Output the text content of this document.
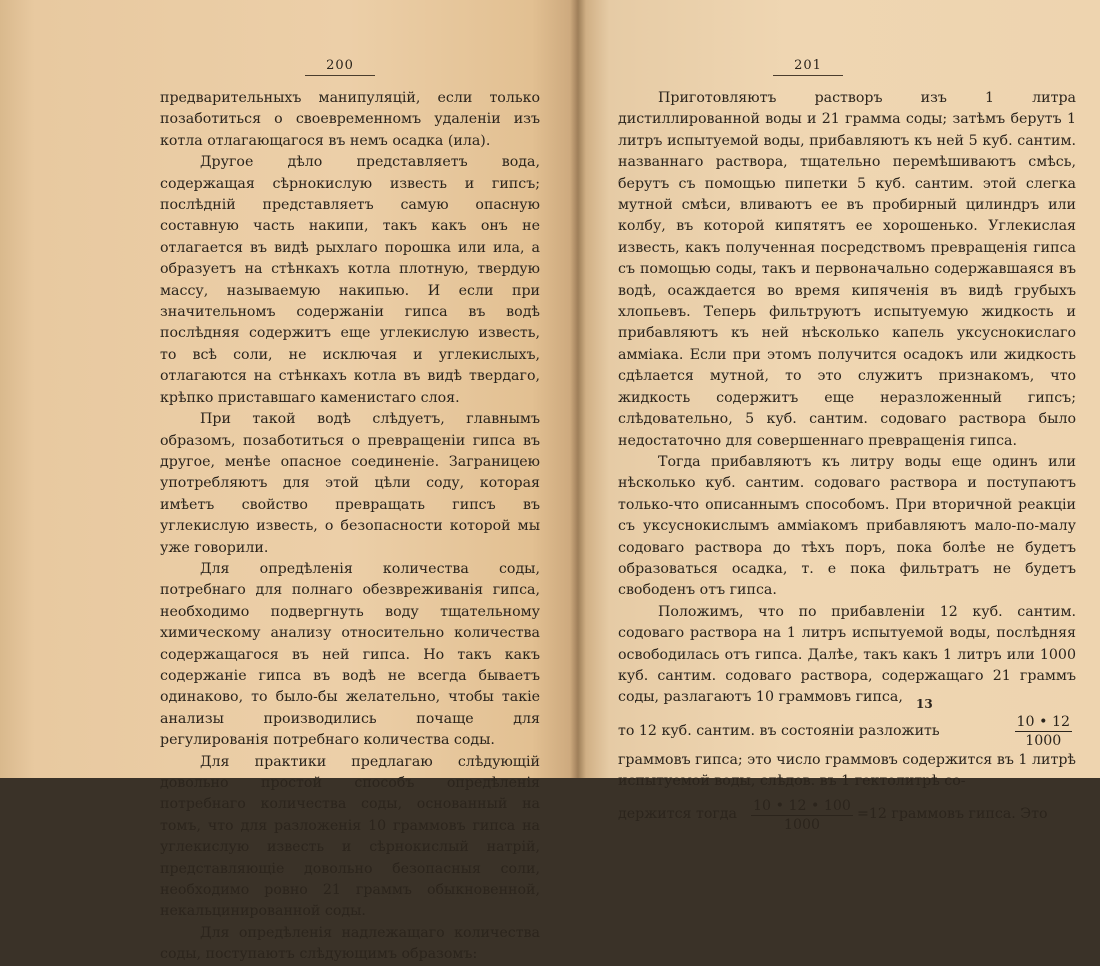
200

предварительныхъ манипуляцій, если только позаботиться о своевременномъ удаленіи изъ котла отлагающагося въ немъ осадка (ила).

Другое дѣло представляетъ вода, содержащая сѣрнокислую известь и гипсъ; послѣдній представляетъ самую опасную составную часть накипи, такъ какъ онъ не отлагается въ видѣ рыхлаго порошка или ила, а образуетъ на стѣнкахъ котла плотную, твердую массу, называемую накипью. И если при значительномъ содержаніи гипса въ водѣ послѣдняя содержитъ еще углекислую известь, то всѣ соли, не исключая и углекислыхъ, отлагаются на стѣнкахъ котла въ видѣ твердаго, крѣпко приставшаго каменистаго слоя.

При такой водѣ слѣдуетъ, главнымъ образомъ, позаботиться о превращеніи гипса въ другое, менѣе опасное соединеніе. Заграницею употребляютъ для этой цѣли соду, которая имѣетъ свойство превращать гипсъ въ углекислую известь, о безопасности которой мы уже говорили.

Для опредѣленія количества соды, потребнаго для полнаго обезвреживанія гипса, необходимо подвергнуть воду тщательному химическому анализу относительно количества содержащагося въ ней гипса. Но такъ какъ содержаніе гипса въ водѣ не всегда бываетъ одинаково, то было-бы желательно, чтобы такіе анализы производились почаще для регулированія потребнаго количества соды.

Для практики предлагаю слѣдующій довольно простой способъ опредѣленія потребнаго количества соды, основанный на томъ, что для разложенія 10 граммовъ гипса на углекислую известь и сѣрнокислый натрій, представляющіе довольно безопасныя соли, необходимо ровно 21 граммъ обыкновенной, некальцинированной соды.

Для опредѣленія надлежащаго количества соды, поступаютъ слѣдующимъ образомъ:

201

Приготовляютъ растворъ изъ 1 литра дистиллированной воды и 21 грамма соды; затѣмъ берутъ 1 литръ испытуемой воды, прибавляютъ къ ней 5 куб. сантим. названнаго раствора, тщательно перемѣшиваютъ смѣсь, берутъ съ помощью пипетки 5 куб. сантим. этой слегка мутной смѣси, вливаютъ ее въ пробирный цилиндръ или колбу, въ которой кипятятъ ее хорошенько. Углекислая известь, какъ полученная посредствомъ превращенія гипса съ помощью соды, такъ и первоначально содержавшаяся въ водѣ, осаждается во время кипяченія въ видѣ грубыхъ хлопьевъ. Теперь фильтруютъ испытуемую жидкость и прибавляютъ къ ней нѣсколько капель уксуснокислаго аммiака. Если при этомъ получится осадокъ или жидкость сдѣлается мутной, то это служитъ признакомъ, что жидкость содержитъ еще неразложенный гипсъ; слѣдовательно, 5 куб. сантим. содоваго раствора было недостаточно для совершеннаго превращенія гипса.

Тогда прибавляютъ къ литру воды еще одинъ или нѣсколько куб. сантим. содоваго раствора и поступаютъ только-что описаннымъ способомъ. При вторичной реакціи съ уксуснокислымъ аммiакомъ прибавляютъ мало-по-малу содоваго раствора до тѣхъ поръ, пока болѣе не будетъ образоваться осадка, т. е пока фильтратъ не будетъ свободенъ отъ гипса.

Положимъ, что по прибавленіи 12 куб. сантим. содоваго раствора на 1 литръ испытуемой воды, послѣдняя освободилась отъ гипса. Далѣе, такъ какъ 1 литръ или 1000 куб. сантим. содоваго раствора, содержащаго 21 граммъ соды, разлагаютъ 10 граммовъ гипса,

то 12 куб. сантим. въ состояніи разложить	$\frac{10 • 12}{1000}$

граммовъ гипса; это число граммовъ содержится въ 1 литрѣ испытуемой воды, слѣдов. въ 1 гектолитрѣ со-

держится тогда $\frac{10 • 12 • 100}{1000} =12$ граммовъ гипса. Это
13
